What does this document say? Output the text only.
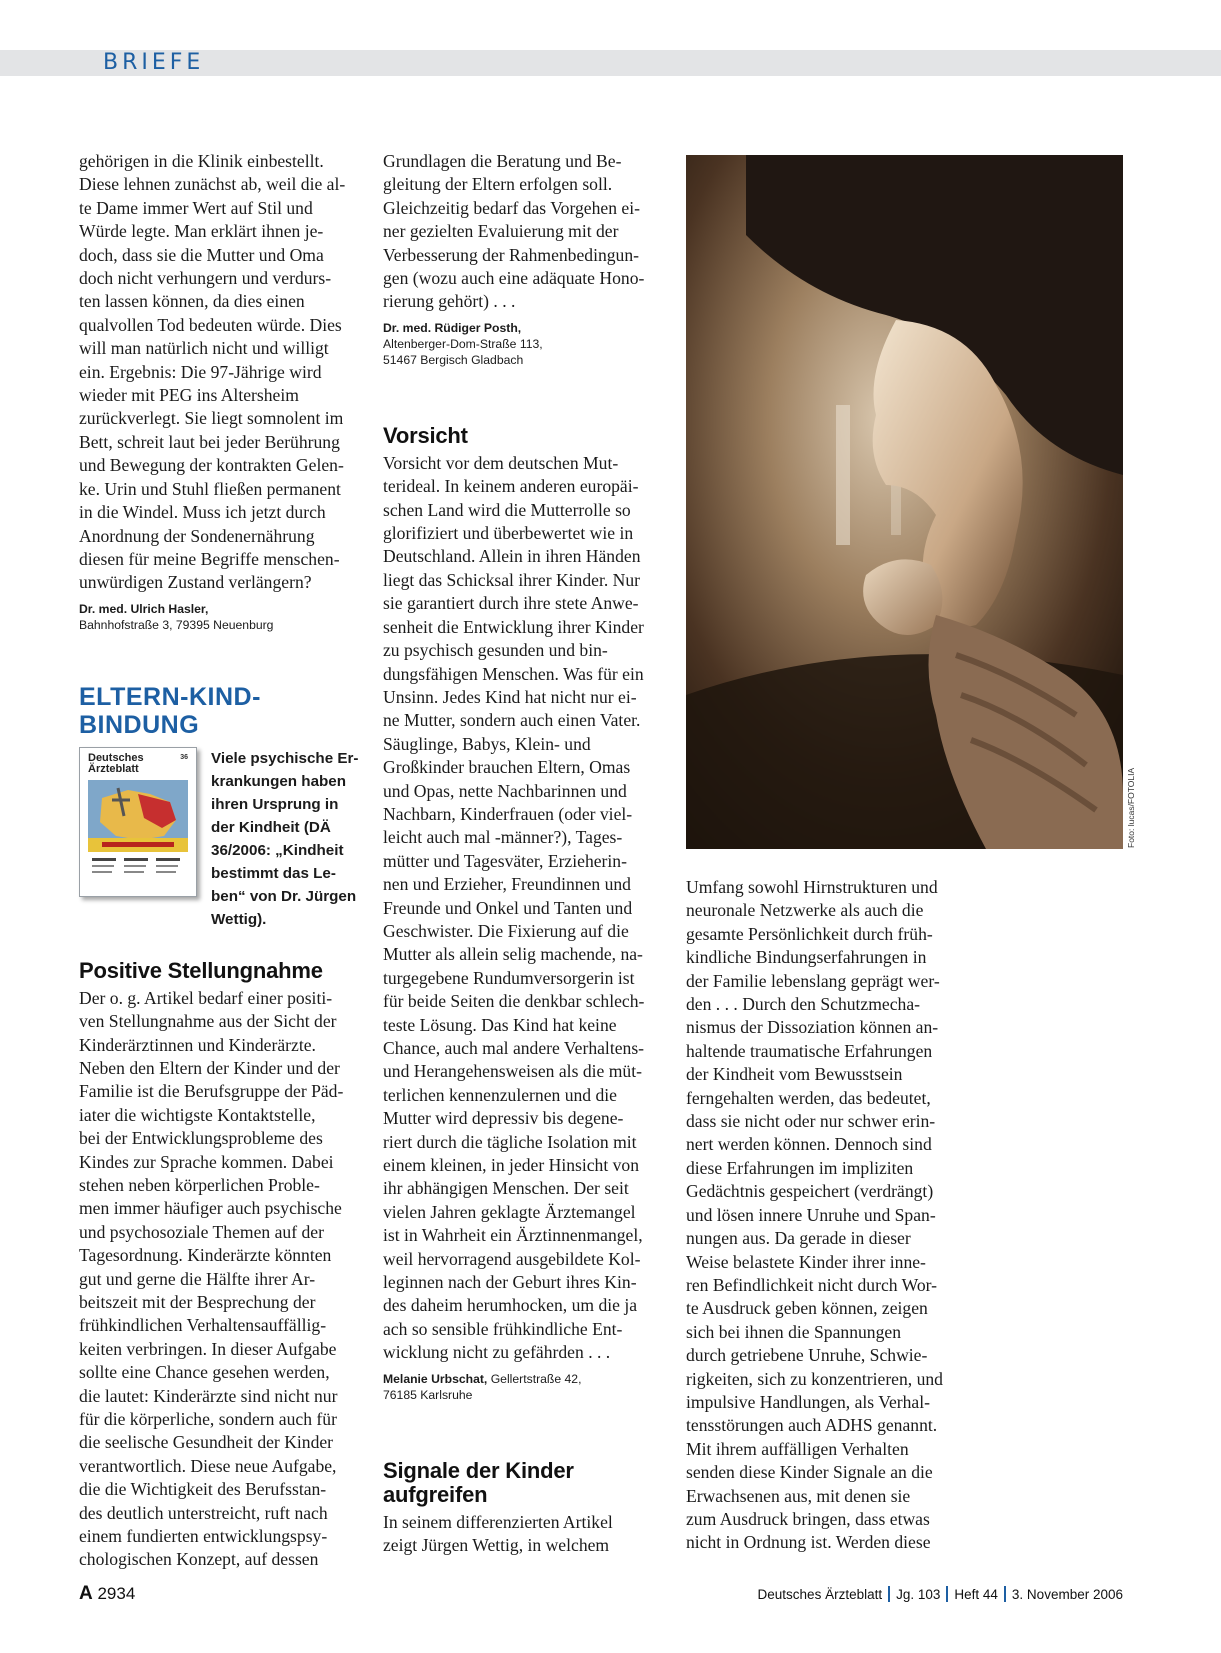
BRIEFE

gehörigen in die Klinik einbestellt.
Diese lehnen zunächst ab, weil die al-
te Dame immer Wert auf Stil und
Würde legte. Man erklärt ihnen je-
doch, dass sie die Mutter und Oma
doch nicht verhungern und verdurs-
ten lassen können, da dies einen
qualvollen Tod bedeuten würde. Dies
will man natürlich nicht und willigt
ein. Ergebnis: Die 97-Jährige wird
wieder mit PEG ins Altersheim
zurückverlegt. Sie liegt somnolent im
Bett, schreit laut bei jeder Berührung
und Bewegung der kontrakten Gelen-
ke. Urin und Stuhl fließen permanent
in die Windel. Muss ich jetzt durch
Anordnung der Sondenernährung
diesen für meine Begriffe menschen-
unwürdigen Zustand verlängern?

Dr. med. Ulrich Hasler,
Bahnhofstraße 3, 79395 Neuenburg

ELTERN-KIND-BINDUNG
Deutsches
Ärzteblatt
36 Viele psychische Er-
krankungen haben
ihren Ursprung in
der Kindheit (DÄ
36/2006: „Kindheit
bestimmt das Le-
ben“ von Dr. Jürgen
Wettig).

Positive Stellungnahme

Der o. g. Artikel bedarf einer positi-
ven Stellungnahme aus der Sicht der
Kinderärztinnen und Kinderärzte.
Neben den Eltern der Kinder und der
Familie ist die Berufsgruppe der Päd-
iater die wichtigste Kontaktstelle,
bei der Entwicklungsprobleme des
Kindes zur Sprache kommen. Dabei
stehen neben körperlichen Proble-
men immer häufiger auch psychische
und psychosoziale Themen auf der
Tagesordnung. Kinderärzte könnten
gut und gerne die Hälfte ihrer Ar-
beitszeit mit der Besprechung der
frühkindlichen Verhaltensauffällig-
keiten verbringen. In dieser Aufgabe
sollte eine Chance gesehen werden,
die lautet: Kinderärzte sind nicht nur
für die körperliche, sondern auch für
die seelische Gesundheit der Kinder
verantwortlich. Diese neue Aufgabe,
die die Wichtigkeit des Berufsstan-
des deutlich unterstreicht, ruft nach
einem fundierten entwicklungspsy-
chologischen Konzept, auf dessen

Grundlagen die Beratung und Be-
gleitung der Eltern erfolgen soll.
Gleichzeitig bedarf das Vorgehen ei-
ner gezielten Evaluierung mit der
Verbesserung der Rahmenbedingun-
gen (wozu auch eine adäquate Hono-
rierung gehört) . . .

Dr. med. Rüdiger Posth,
Altenberger-Dom-Straße 113,
51467 Bergisch Gladbach

Vorsicht

Vorsicht vor dem deutschen Mut-
terideal. In keinem anderen europäi-
schen Land wird die Mutterrolle so
glorifiziert und überbewertet wie in
Deutschland. Allein in ihren Händen
liegt das Schicksal ihrer Kinder. Nur
sie garantiert durch ihre stete Anwe-
senheit die Entwicklung ihrer Kinder
zu psychisch gesunden und bin-
dungsfähigen Menschen. Was für ein
Unsinn. Jedes Kind hat nicht nur ei-
ne Mutter, sondern auch einen Vater.
Säuglinge, Babys, Klein- und
Großkinder brauchen Eltern, Omas
und Opas, nette Nachbarinnen und
Nachbarn, Kinderfrauen (oder viel-
leicht auch mal -männer?), Tages-
mütter und Tagesväter, Erzieherin-
nen und Erzieher, Freundinnen und
Freunde und Onkel und Tanten und
Geschwister. Die Fixierung auf die
Mutter als allein selig machende, na-
turgegebene Rundumversorgerin ist
für beide Seiten die denkbar schlech-
teste Lösung. Das Kind hat keine
Chance, auch mal andere Verhaltens-
und Herangehensweisen als die müt-
terlichen kennenzulernen und die
Mutter wird depressiv bis degene-
riert durch die tägliche Isolation mit
einem kleinen, in jeder Hinsicht von
ihr abhängigen Menschen. Der seit
vielen Jahren geklagte Ärztemangel
ist in Wahrheit ein Ärztinnenmangel,
weil hervorragend ausgebildete Kol-
leginnen nach der Geburt ihres Kin-
des daheim herumhocken, um die ja
ach so sensible frühkindliche Ent-
wicklung nicht zu gefährden . . .

Melanie Urbschat, Gellertstraße 42,
76185 Karlsruhe

Signale der Kinder
aufgreifen

In seinem differenzierten Artikel
zeigt Jürgen Wettig, in welchem

Foto: lucas/FOTOLIA

Umfang sowohl Hirnstrukturen und
neuronale Netzwerke als auch die
gesamte Persönlichkeit durch früh-
kindliche Bindungserfahrungen in
der Familie lebenslang geprägt wer-
den . . . Durch den Schutzmecha-
nismus der Dissoziation können an-
haltende traumatische Erfahrungen
der Kindheit vom Bewusstsein
ferngehalten werden, das bedeutet,
dass sie nicht oder nur schwer erin-
nert werden können. Dennoch sind
diese Erfahrungen im impliziten
Gedächtnis gespeichert (verdrängt)
und lösen innere Unruhe und Span-
nungen aus. Da gerade in dieser
Weise belastete Kinder ihrer inne-
ren Befindlichkeit nicht durch Wor-
te Ausdruck geben können, zeigen
sich bei ihnen die Spannungen
durch getriebene Unruhe, Schwie-
rigkeiten, sich zu konzentrieren, und
impulsive Handlungen, als Verhal-
tensstörungen auch ADHS genannt.
Mit ihrem auffälligen Verhalten
senden diese Kinder Signale an die
Erwachsenen aus, mit denen sie
zum Ausdruck bringen, dass etwas
nicht in Ordnung ist. Werden diese

A 2934	Deutsches Ärzteblatt Jg. 103 Heft 44 3. November 2006
